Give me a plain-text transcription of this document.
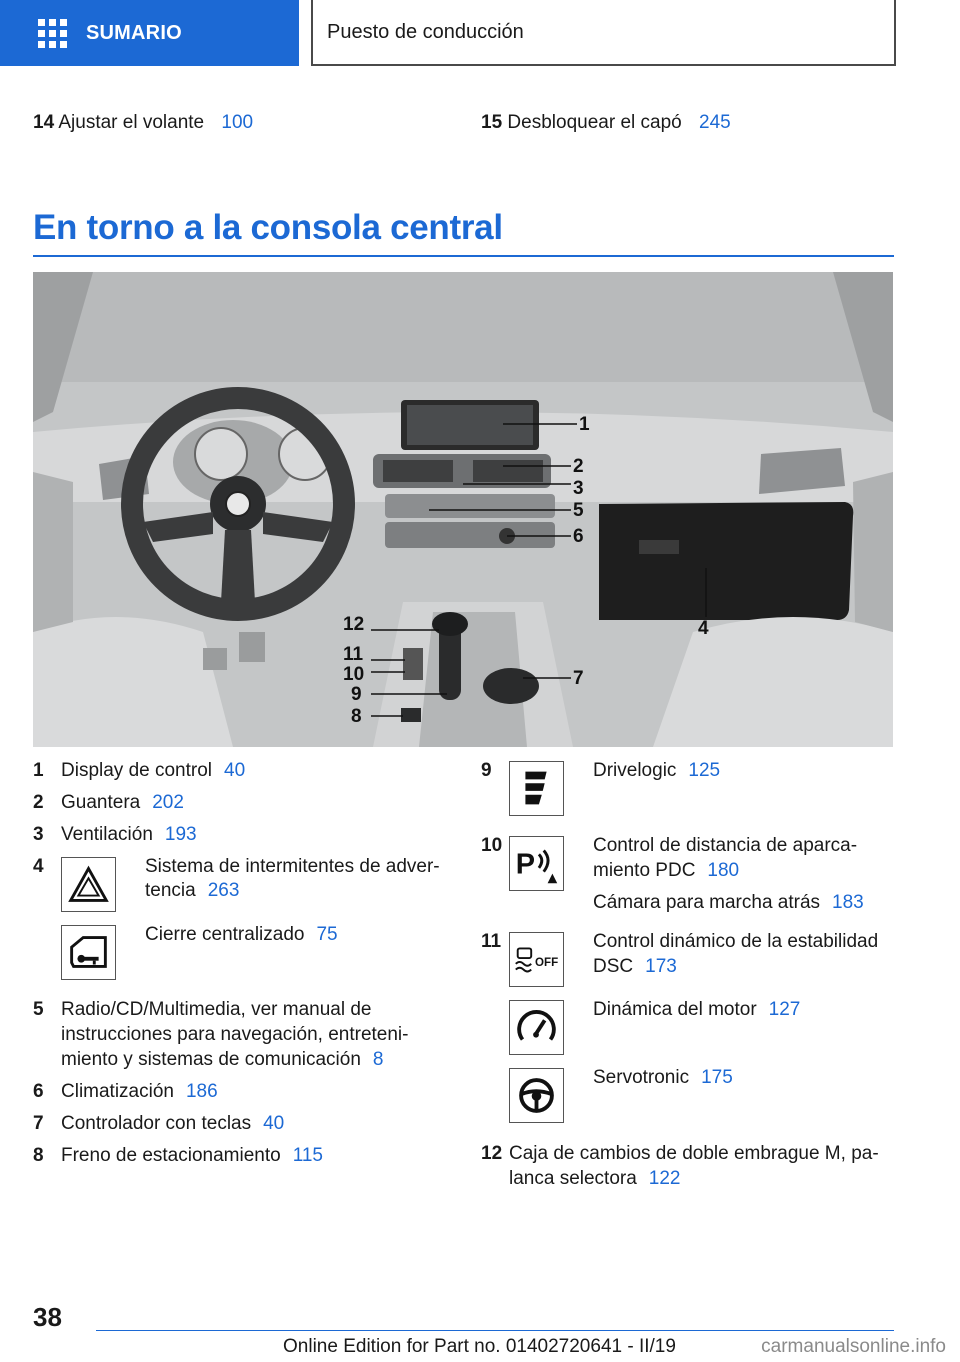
SUMARIO	Puesto de conducción
14 Ajustar el volante 100	15 Desbloquear el capó 245
En torno a la consola central
1
2
3
5
6
4
12
11
10
9
7
8
1 Display de control 40
2 Guantera 202
3 Ventilación 193
4	Sistema de intermitentes de adver-
tencia 263
Cierre centralizado 75
5 Radio/CD/Multimedia, ver manual de
instrucciones para navegación, entreteni-
miento y sistemas de comunicación 8
6 Climatización 186
7 Controlador con teclas 40
8 Freno de estacionamiento 115
9	Drivelogic 125
10
P
Control de distancia de aparca-
miento PDC 180
Cámara para marcha atrás 183
11
OFF
Control dinámico de la estabilidad
DSC 173
Dinámica del motor 127
Servotronic 175
12 Caja de cambios de doble embrague M, pa-
lanca selectora 122
38
Online Edition for Part no. 01402720641 - II/19	carmanualsonline.info
